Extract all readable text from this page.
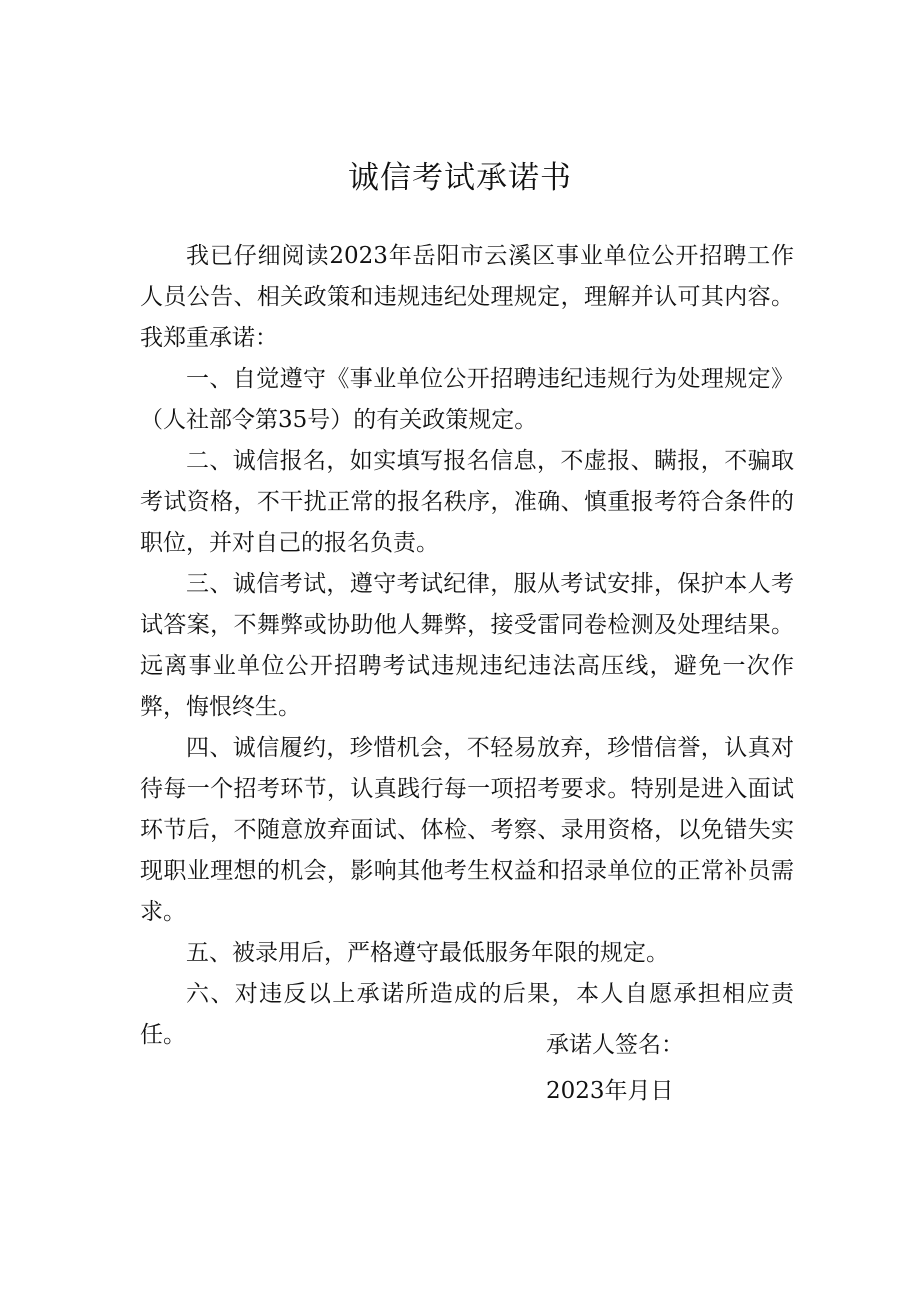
诚信考试承诺书

我已仔细阅读2023年岳阳市云溪区事业单位公开招聘工作人员公告、相关政策和违规违纪处理规定，理解并认可其内容。我郑重承诺：

一、自觉遵守《事业单位公开招聘违纪违规行为处理规定》（人社部令第35号）的有关政策规定。

二、诚信报名，如实填写报名信息，不虚报、瞒报，不骗取考试资格，不干扰正常的报名秩序，准确、慎重报考符合条件的职位，并对自己的报名负责。

三、诚信考试，遵守考试纪律，服从考试安排，保护本人考试答案，不舞弊或协助他人舞弊，接受雷同卷检测及处理结果。远离事业单位公开招聘考试违规违纪违法高压线，避免一次作弊，悔恨终生。

四、诚信履约，珍惜机会，不轻易放弃，珍惜信誉，认真对待每一个招考环节，认真践行每一项招考要求。特别是进入面试环节后，不随意放弃面试、体检、考察、录用资格，以免错失实现职业理想的机会，影响其他考生权益和招录单位的正常补员需求。

五、被录用后，严格遵守最低服务年限的规定。

六、对违反以上承诺所造成的后果，本人自愿承担相应责任。	承诺人签名：
2023年月日
